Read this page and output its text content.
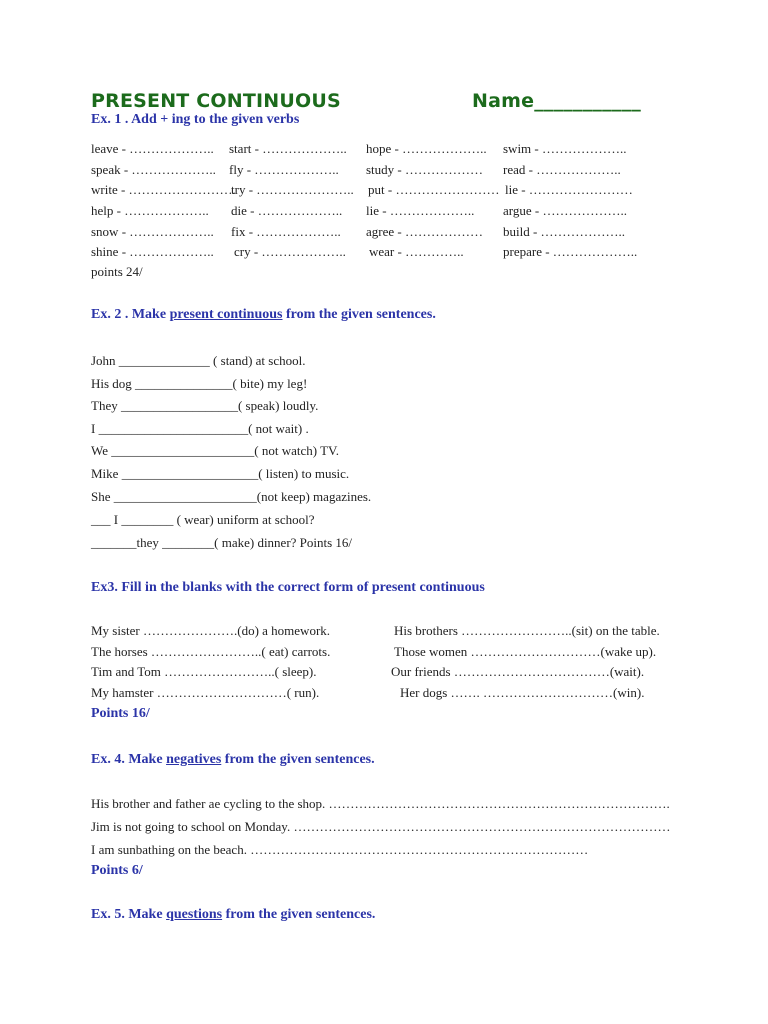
PRESENT CONTINUOUS	Name___________
Ex. 1 . Add + ing to the given verbs
leave - ………………..
speak - ………………..
write - …………………….
help - ………………..
snow - ………………..
shine - ………………..
start - ………………..
fly - ………………..
try - …………………..
die - ………………..
fix - ………………..
cry - ………………..
hope - ………………..
study - ………………
put - ……………………
lie - ………………..
agree - ………………
wear - …………..
swim - ………………..
read - ………………..
lie - ……………………
argue - ………………..
build - ………………..
prepare - ………………..
points 24/
Ex. 2 . Make present continuous from the given sentences.
John ______________ ( stand) at school.
His dog _______________( bite) my leg!
They __________________( speak) loudly.
I _______________________( not wait) .
We ______________________( not watch) TV.
Mike _____________________( listen) to music.
She ______________________(not keep) magazines.
___ I ________ ( wear) uniform at school?
_______they ________( make) dinner? Points 16/
Ex3. Fill in the blanks with the correct form of present continuous
My sister ………………….(do) a homework.
The horses ……………………..( eat) carrots.
Tim and Tom ……………………..( sleep).
My hamster …………………………( run).
His brothers ……………………..(sit) on the table.
Those women …………………………(wake up).
Our friends ………………………………(wait).
Her dogs ……. …………………………(win).
Points 16/
Ex. 4. Make negatives from the given sentences.
His brother and father ae cycling to the shop. …………………………………………………………………….
Jim is not going to school on Monday. ……………………………………………………………………………
I am sunbathing on the beach. ……………………………………………………………………
Points 6/
Ex. 5. Make questions from the given sentences.
